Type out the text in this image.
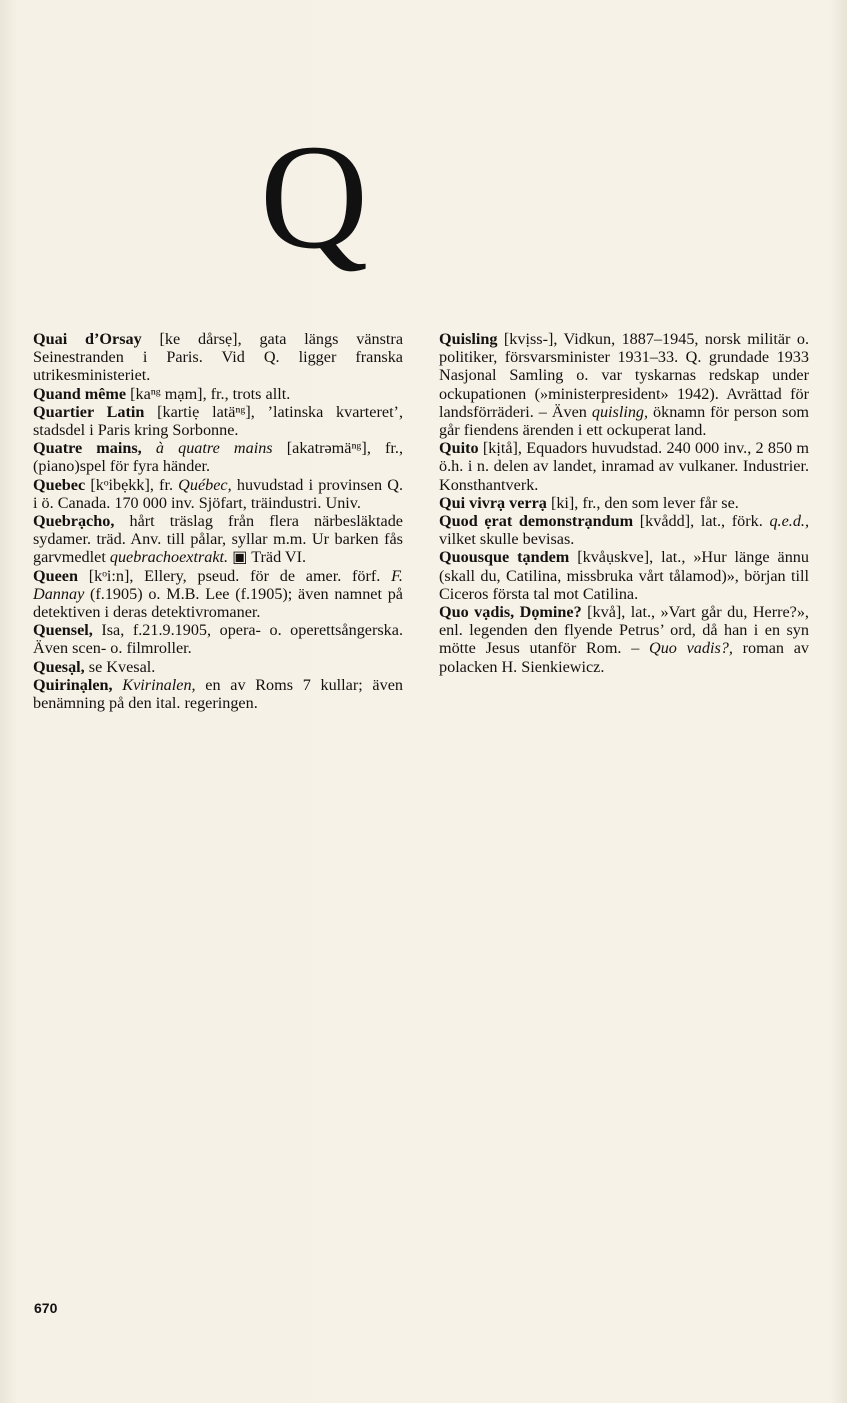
Q

Quai d’Orsay [ke dårsẹ], gata längs vänstra Seinestranden i Paris. Vid Q. ligger franska utrikesministeriet.

Quand même [kaⁿᵍ mạm], fr., trots allt.

Quartier Latin [kartiẹ latäⁿᵍ], ’latinska kvarteret’, stadsdel i Paris kring Sorbonne.

Quatre mains, à quatre mains [akatrəmäⁿᵍ], fr., (piano)spel för fyra händer.

Quebec [kᵒibẹkk], fr. Québec, huvudstad i provinsen Q. i ö. Canada. 170 000 inv. Sjöfart, träindustri. Univ.

Quebrạcho, hårt träslag från flera närbesläktade sydamer. träd. Anv. till pålar, syllar m.m. Ur barken fås garvmedlet quebrachoextrakt. ▣ Träd VI.

Queen [kᵒi:n], Ellery, pseud. för de amer. förf. F. Dannay (f.1905) o. M.B. Lee (f.1905); även namnet på detektiven i deras detektivromaner.

Quensel, Isa, f.21.9.1905, opera- o. operettsångerska. Även scen- o. filmroller.

Quesạl, se Kvesal.

Quirinạlen, Kvirinalen, en av Roms 7 kullar; även benämning på den ital. regeringen.

Quisling [kvịss-], Vidkun, 1887–1945, norsk militär o. politiker, försvarsminister 1931–33. Q. grundade 1933 Nasjonal Samling o. var tyskarnas redskap under ockupationen (»ministerpresident» 1942). Avrättad för landsförräderi. – Även quisling, öknamn för person som går fiendens ärenden i ett ockuperat land.

Quito [kịtå], Equadors huvudstad. 240 000 inv., 2 850 m ö.h. i n. delen av landet, inramad av vulkaner. Industrier. Konsthantverk.

Qui vivrạ verrạ [ki], fr., den som lever får se.

Quod ẹrat demonstrạndum [kvådd], lat., förk. q.e.d., vilket skulle bevisas.

Quousque tạndem [kvåụskve], lat., »Hur länge ännu (skall du, Catilina, missbruka vårt tålamod)», början till Ciceros första tal mot Catilina.

Quo vạdis, Dọmine? [kvå], lat., »Vart går du, Herre?», enl. legenden den flyende Petrus’ ord, då han i en syn mötte Jesus utanför Rom. – Quo vadis?, roman av polacken H. Sienkiewicz.

670
